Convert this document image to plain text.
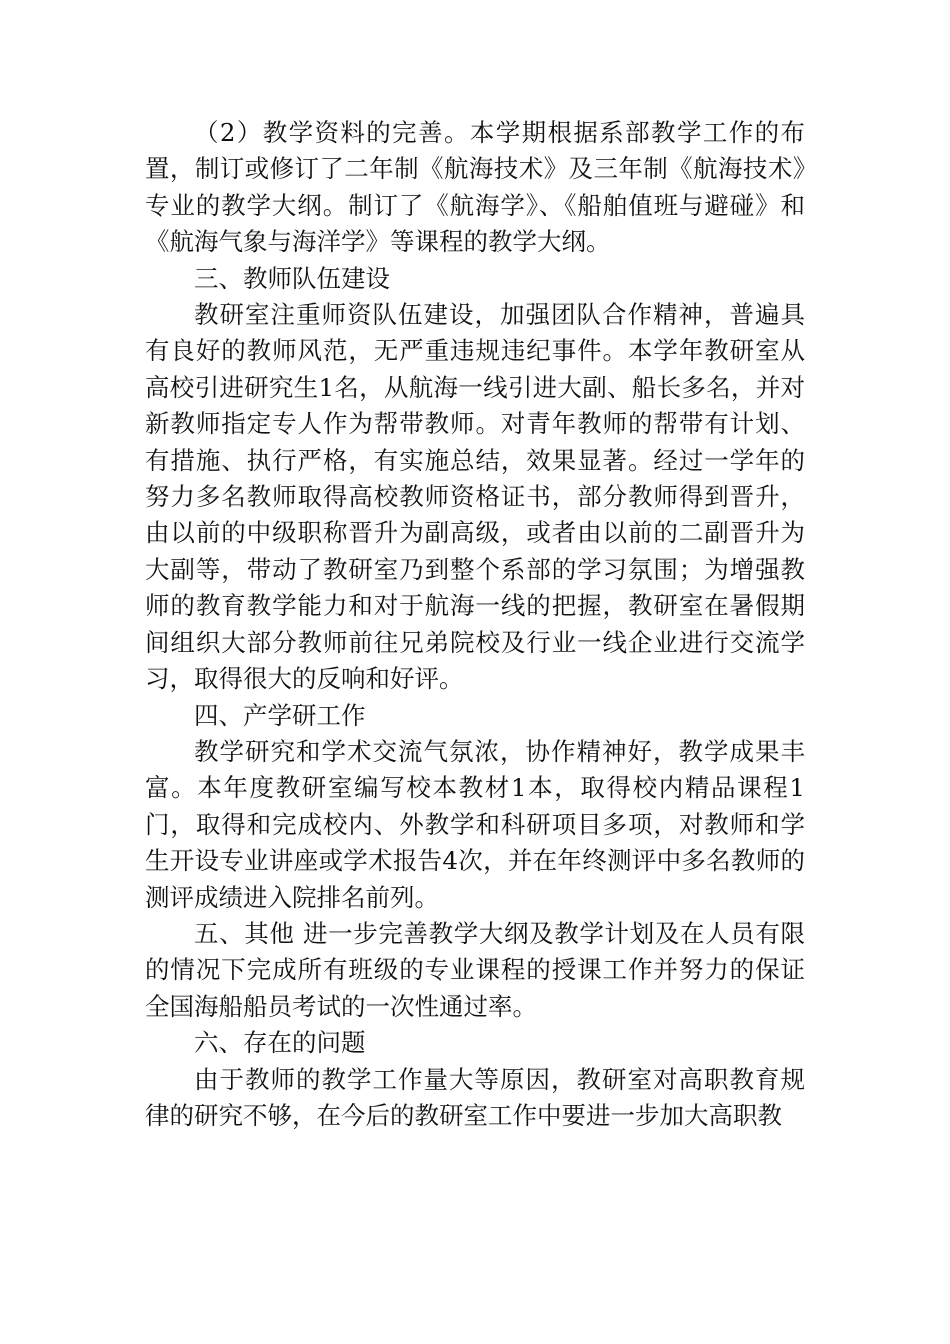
（2）教学资料的完善。本学期根据系部教学工作的布置，制订或修订了二年制《航海技术》及三年制《航海技术》专业的教学大纲。制订了《航海学》、《船舶值班与避碰》和《航海气象与海洋学》等课程的教学大纲。

三、教师队伍建设

教研室注重师资队伍建设，加强团队合作精神，普遍具有良好的教师风范，无严重违规违纪事件。本学年教研室从高校引进研究生1名，从航海一线引进大副、船长多名，并对新教师指定专人作为帮带教师。对青年教师的帮带有计划、有措施、执行严格，有实施总结，效果显著。经过一学年的努力多名教师取得高校教师资格证书，部分教师得到晋升，由以前的中级职称晋升为副高级，或者由以前的二副晋升为大副等，带动了教研室乃到整个系部的学习氛围；为增强教师的教育教学能力和对于航海一线的把握，教研室在暑假期间组织大部分教师前往兄弟院校及行业一线企业进行交流学习，取得很大的反响和好评。

四、产学研工作

教学研究和学术交流气氛浓，协作精神好，教学成果丰富。本年度教研室编写校本教材1本，取得校内精品课程1门，取得和完成校内、外教学和科研项目多项，对教师和学生开设专业讲座或学术报告4次，并在年终测评中多名教师的测评成绩进入院排名前列。

五、其他 进一步完善教学大纲及教学计划及在人员有限的情况下完成所有班级的专业课程的授课工作并努力的保证全国海船船员考试的一次性通过率。

六、存在的问题

由于教师的教学工作量大等原因，教研室对高职教育规律的研究不够，在今后的教研室工作中要进一步加大高职教
